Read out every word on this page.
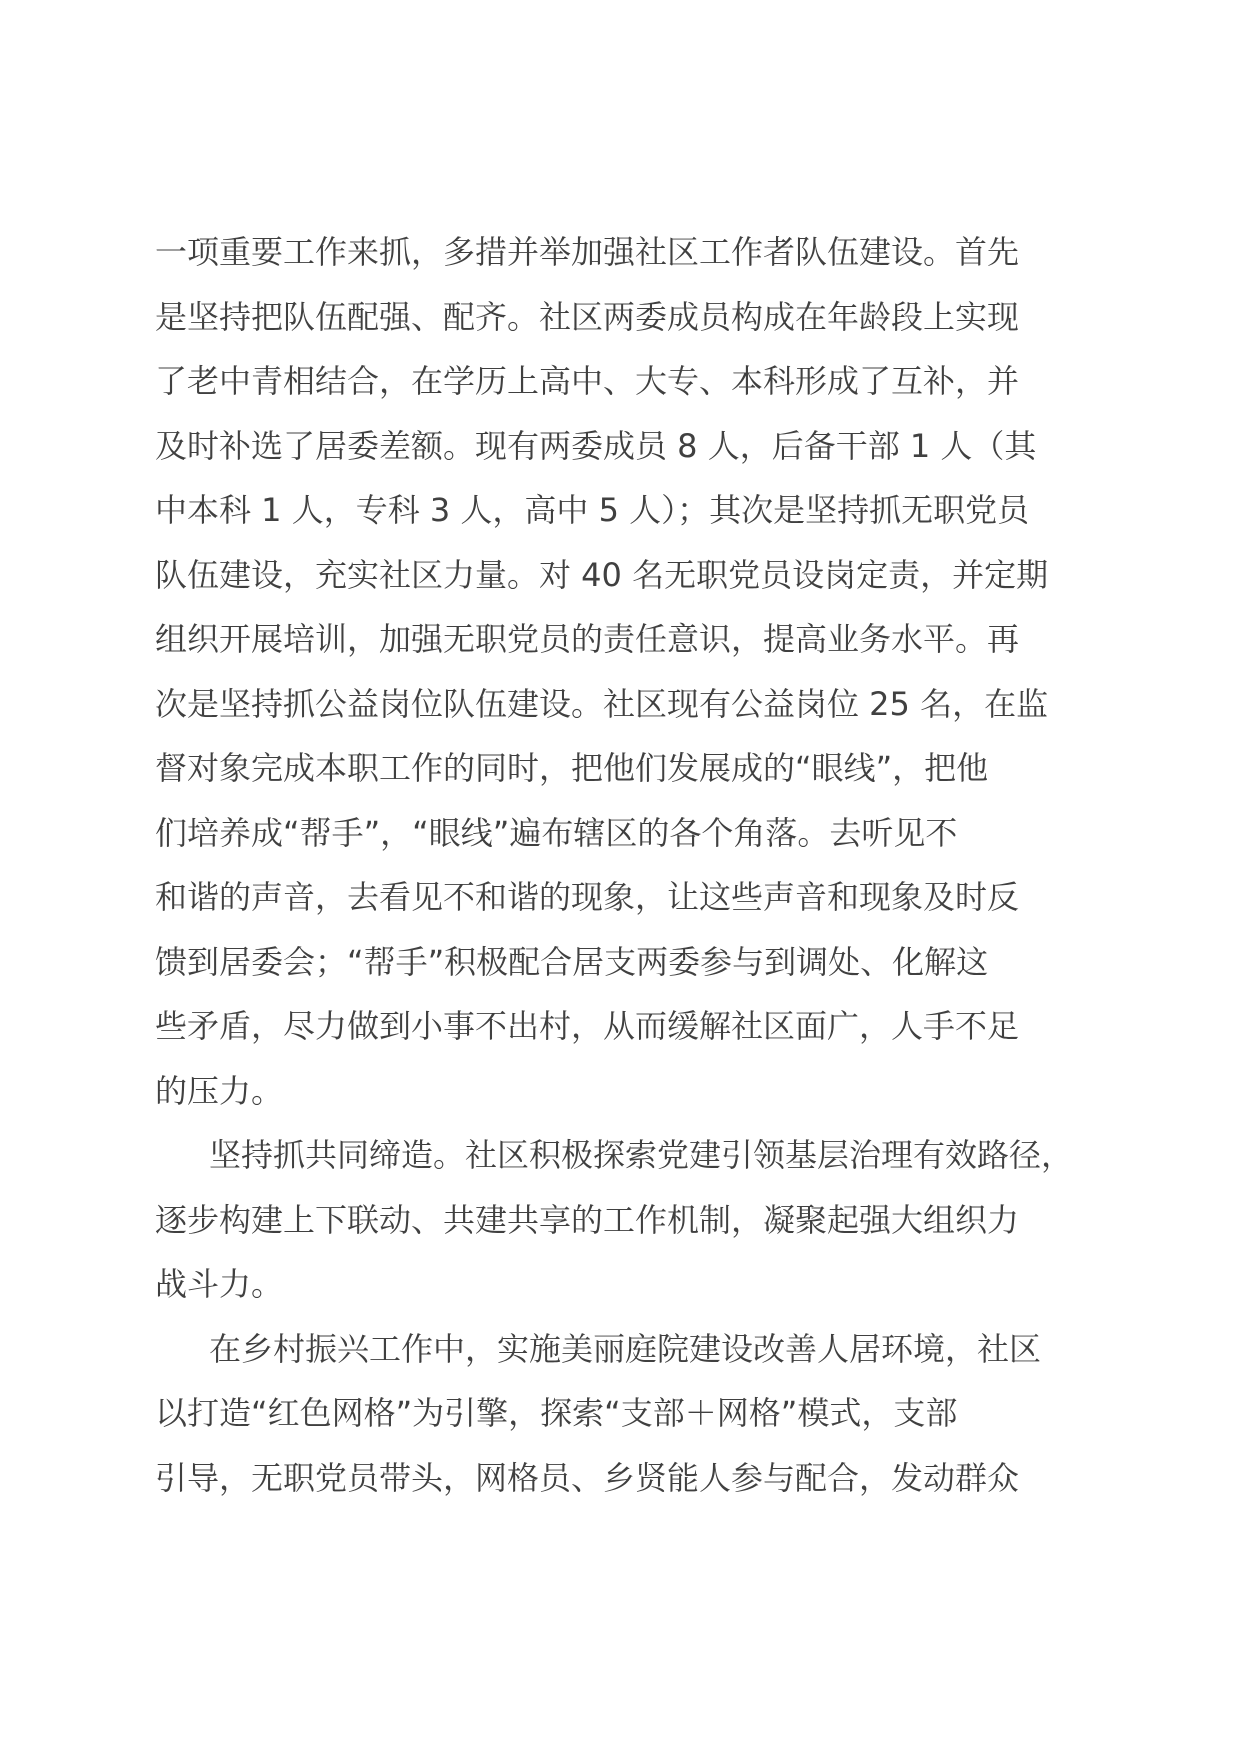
一项重要工作来抓，多措并举加强社区工作者队伍建设。首先
是坚持把队伍配强、配齐。社区两委成员构成在年龄段上实现
了老中青相结合，在学历上高中、大专、本科形成了互补，并
及时补选了居委差额。现有两委成员 8 人，后备干部 1 人（其
中本科 1 人，专科 3 人，高中 5 人）；其次是坚持抓无职党员
队伍建设，充实社区力量。对 40 名无职党员设岗定责，并定期
组织开展培训，加强无职党员的责任意识，提高业务水平。再
次是坚持抓公益岗位队伍建设。社区现有公益岗位 25 名，在监
督对象完成本职工作的同时，把他们发展成的“眼线”，把他
们培养成“帮手”，“眼线”遍布辖区的各个角落。去听见不
和谐的声音，去看见不和谐的现象，让这些声音和现象及时反
馈到居委会；“帮手”积极配合居支两委参与到调处、化解这
些矛盾，尽力做到小事不出村，从而缓解社区面广，人手不足
的压力。
坚持抓共同缔造。社区积极探索党建引领基层治理有效路径，
逐步构建上下联动、共建共享的工作机制，凝聚起强大组织力
战斗力。
在乡村振兴工作中，实施美丽庭院建设改善人居环境，社区
以打造“红色网格”为引擎，探索“支部＋网格”模式，支部
引导，无职党员带头，网格员、乡贤能人参与配合，发动群众
